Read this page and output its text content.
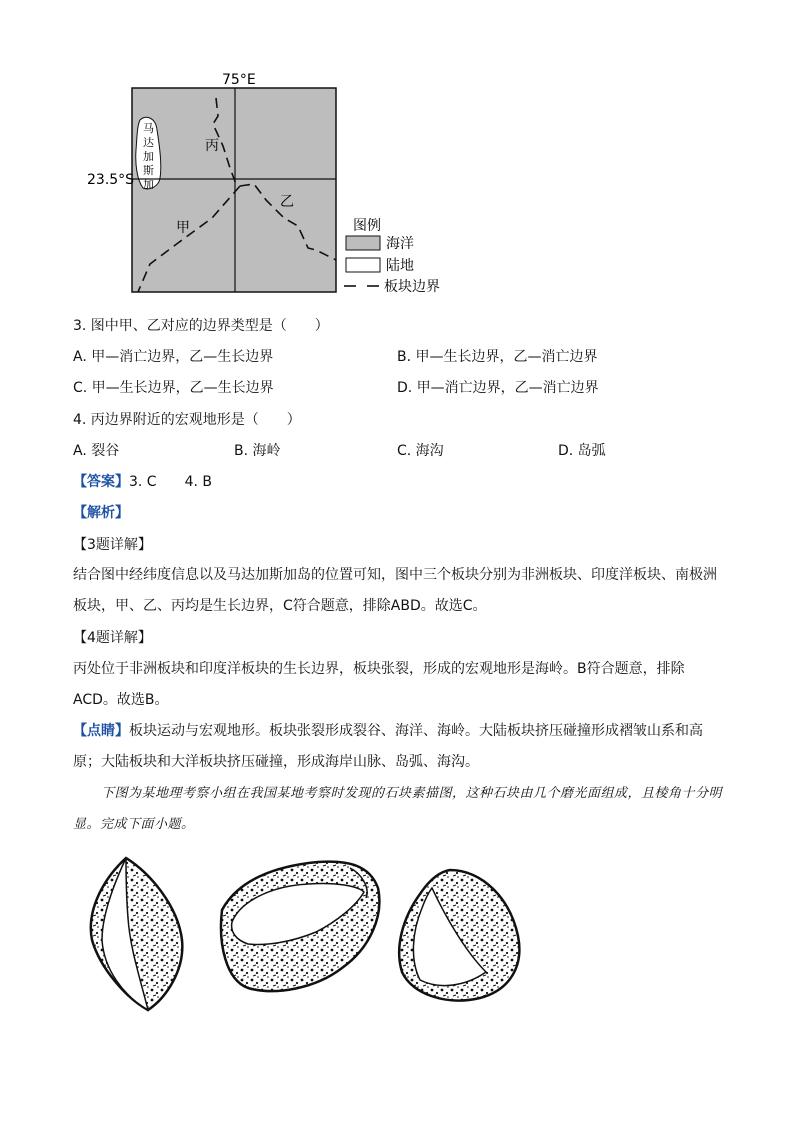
75°E
23.5°S
马
达
加
斯
加
丙
乙
甲	图例
海洋
陆地
板块边界
3. 图中甲、乙对应的边界类型是（　　）
A. 甲—消亡边界，乙—生长边界	B. 甲—生长边界，乙—消亡边界
C. 甲—生长边界，乙—生长边界	D. 甲—消亡边界，乙—消亡边界
4. 丙边界附近的宏观地形是（　　）
A. 裂谷	B. 海岭	C. 海沟	D. 岛弧
【答案】3. C　　4. B
【解析】
【3题详解】
结合图中经纬度信息以及马达加斯加岛的位置可知，图中三个板块分别为非洲板块、印度洋板块、南极洲板块，甲、乙、丙均是生长边界，C符合题意，排除ABD。故选C。
【4题详解】
丙处位于非洲板块和印度洋板块的生长边界，板块张裂，形成的宏观地形是海岭。B符合题意，排除ACD。故选B。
【点睛】板块运动与宏观地形。板块张裂形成裂谷、海洋、海岭。大陆板块挤压碰撞形成褶皱山系和高原；大陆板块和大洋板块挤压碰撞，形成海岸山脉、岛弧、海沟。
下图为某地理考察小组在我国某地考察时发现的石块素描图，这种石块由几个磨光面组成，且棱角十分明显。完成下面小题。
